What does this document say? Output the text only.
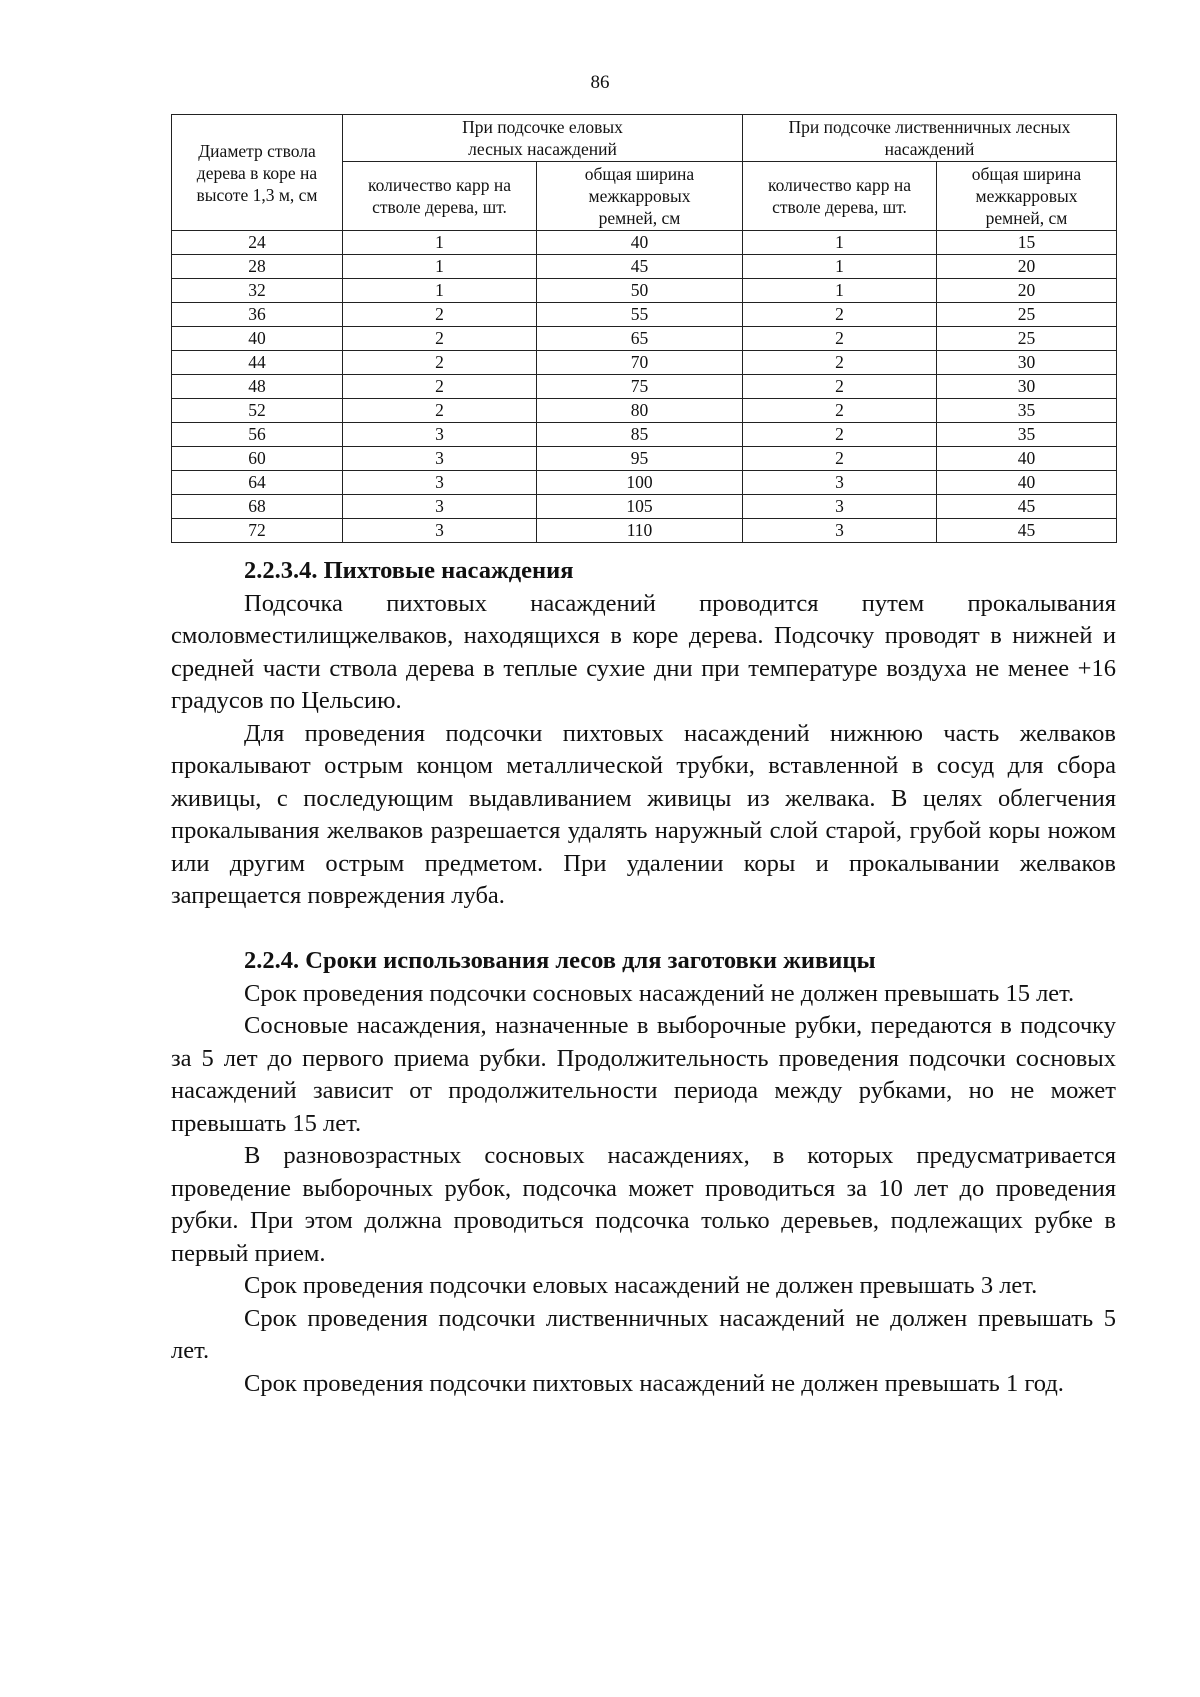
86
Диаметр ствола дерева в коре на высоте 1,3 м, см	При подсочке еловых лесных насаждений		При подсочке лиственничных лесных насаждений	
	количество карр на стволе дерева, шт.	общая ширина межкарровых ремней, см	количество карр на стволе дерева, шт.	общая ширина межкарровых ремней, см
24	1	40	1	15
28	1	45	1	20
32	1	50	1	20
36	2	55	2	25
40	2	65	2	25
44	2	70	2	30
48	2	75	2	30
52	2	80	2	35
56	3	85	2	35
60	3	95	2	40
64	3	100	3	40
68	3	105	3	45
72	3	110	3	45
2.2.3.4. Пихтовые насаждения

Подсочка пихтовых насаждений проводится путем прокалывания смоловместилищжелваков, находящихся в коре дерева. Подсочку проводят в нижней и средней части ствола дерева в теплые сухие дни при температуре воздуха не менее +16 градусов по Цельсию.

Для проведения подсочки пихтовых насаждений нижнюю часть желваков прокалывают острым концом металлической трубки, вставленной в сосуд для сбора живицы, с последующим выдавливанием живицы из желвака. В целях облегчения прокалывания желваков разрешается удалять наружный слой старой, грубой коры ножом или другим острым предметом. При удалении коры и прокалывании желваков запрещается повреждения луба.

2.2.4. Сроки использования лесов для заготовки живицы

Срок проведения подсочки сосновых насаждений не должен превышать 15 лет.

Сосновые насаждения, назначенные в выборочные рубки, передаются в подсочку за 5 лет до первого приема рубки. Продолжительность проведения подсочки сосновых насаждений зависит от продолжительности периода между рубками, но не может превышать 15 лет.

В разновозрастных сосновых насаждениях, в которых предусматривается проведение выборочных рубок, подсочка может проводиться за 10 лет до проведения рубки. При этом должна проводиться подсочка только деревьев, подлежащих рубке в первый прием.

Срок проведения подсочки еловых насаждений не должен превышать 3 лет.

Срок проведения подсочки лиственничных насаждений не должен превышать 5 лет.

Срок проведения подсочки пихтовых насаждений не должен превышать 1 год.
